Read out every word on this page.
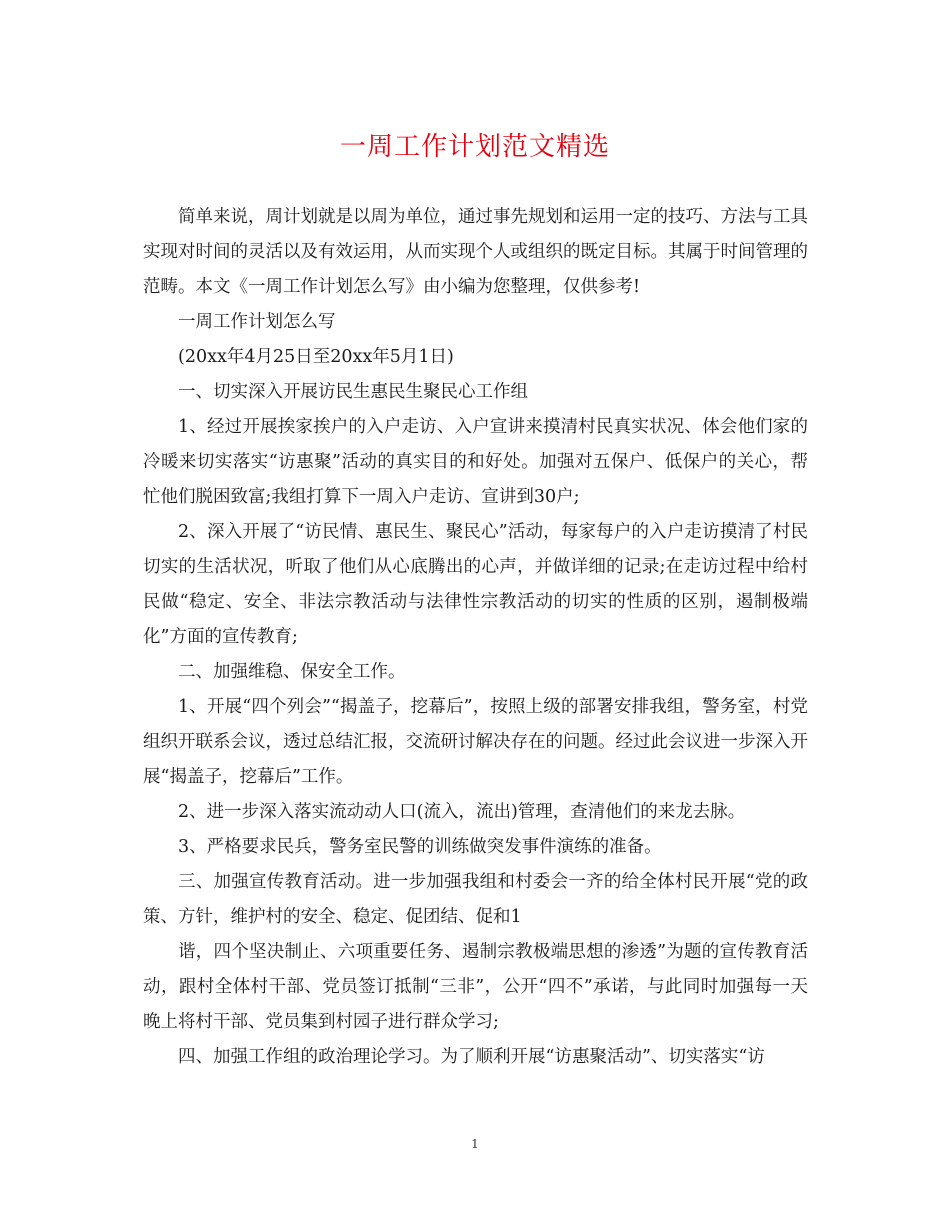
一周工作计划范文精选

简单来说，周计划就是以周为单位，通过事先规划和运用一定的技巧、方法与工具实现对时间的灵活以及有效运用，从而实现个人或组织的既定目标。其属于时间管理的范畴。本文《一周工作计划怎么写》由小编为您整理，仅供参考!

一周工作计划怎么写

(20xx年4月25日至20xx年5月1日)

一、切实深入开展访民生惠民生聚民心工作组

1、经过开展挨家挨户的入户走访、入户宣讲来摸清村民真实状况、体会他们家的冷暖来切实落实“访惠聚”活动的真实目的和好处。加强对五保户、低保户的关心，帮忙他们脱困致富;我组打算下一周入户走访、宣讲到30户;

2、深入开展了“访民情、惠民生、聚民心”活动，每家每户的入户走访摸清了村民切实的生活状况，听取了他们从心底腾出的心声，并做详细的记录;在走访过程中给村民做“稳定、安全、非法宗教活动与法律性宗教活动的切实的性质的区别，遏制极端化”方面的宣传教育;

二、加强维稳、保安全工作。

1、开展“四个列会”“揭盖子，挖幕后”，按照上级的部署安排我组，警务室，村党组织开联系会议，透过总结汇报，交流研讨解决存在的问题。经过此会议进一步深入开展“揭盖子，挖幕后”工作。

2、进一步深入落实流动动人口(流入，流出)管理，查清他们的来龙去脉。

3、严格要求民兵，警务室民警的训练做突发事件演练的准备。

三、加强宣传教育活动。进一步加强我组和村委会一齐的给全体村民开展“党的政策、方针，维护村的安全、稳定、促团结、促和1

谐，四个坚决制止、六项重要任务、遏制宗教极端思想的渗透”为题的宣传教育活动，跟村全体村干部、党员签订抵制“三非”，公开“四不”承诺，与此同时加强每一天晚上将村干部、党员集到村园子进行群众学习;

四、加强工作组的政治理论学习。为了顺利开展“访惠聚活动”、切实落实“访

1
